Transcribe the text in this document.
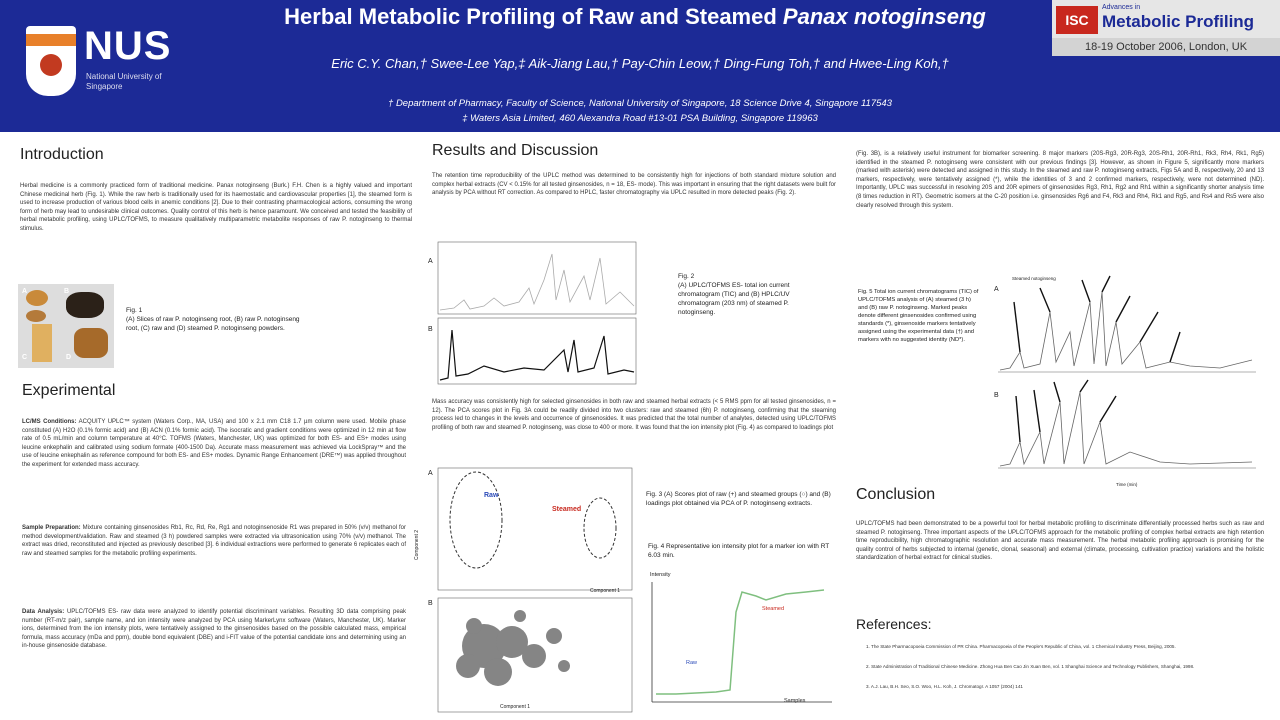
NUS
National University of Singapore
Herbal Metabolic Profiling of Raw and Steamed Panax notoginseng
Eric C.Y. Chan,† Swee-Lee Yap,‡ Aik-Jiang Lau,† Pay-Chin Leow,† Ding-Fung Toh,† and Hwee-Ling Koh,†
† Department of Pharmacy, Faculty of Science, National University of Singapore, 18 Science Drive 4, Singapore 117543
‡ Waters Asia Limited, 460 Alexandra Road #13-01 PSA Building, Singapore 119963
ISC
Advances in
Metabolic Profiling
18-19 October 2006, London, UK
Introduction
Herbal medicine is a commonly practiced form of traditional medicine. Panax notoginseng (Burk.) F.H. Chen is a highly valued and important Chinese medicinal herb (Fig. 1). While the raw herb is traditionally used for its haemostatic and cardiovascular properties [1], the steamed form is used to increase production of various blood cells in anemic conditions [2]. Due to their contrasting pharmacological actions, consuming the wrong form of herb may lead to undesirable clinical outcomes. Quality control of this herb is hence paramount. We conceived and tested the feasibility of herbal metabolic profiling, using UPLC/TOFMS, to measure qualitatively multiparametric metabolite responses of raw P. notoginseng to thermal stimulus.
A	B
C	D
Fig. 1
(A) Slices of raw P. notoginseng root, (B) raw P. notoginseng root, (C) raw and (D) steamed P. notoginseng powders.
Experimental
LC/MS Conditions: ACQUITY UPLC™ system (Waters Corp., MA, USA) and 100 x 2.1 mm C18 1.7 µm column were used. Mobile phase constituted (A) H2O (0.1% formic acid) and (B) ACN (0.1% formic acid). The isocratic and gradient conditions were optimized in 12 min at flow rate of 0.5 mL/min and column temperature at 40°C. TOFMS (Waters, Manchester, UK) was optimized for both ES- and ES+ modes using leucine enkephalin and calibrated using sodium formate (400-1500 Da). Accurate mass measurement was achieved via LockSpray™ and the use of leucine enkephalin as reference compound for both ES- and ES+ modes. Dynamic Range Enhancement (DRE™) was applied throughout the experiment for extended mass accuracy.
Sample Preparation: Mixture containing ginsenosides Rb1, Rc, Rd, Re, Rg1 and notoginsenoside R1 was prepared in 50% (v/v) methanol for method development/validation. Raw and steamed (3 h) powdered samples were extracted via ultrasonication using 70% (v/v) methanol. The extract was dried, reconstituted and injected as previously described [3]. 6 individual extractions were performed to generate 6 replicates each of raw and steamed samples for the metabolic profiling experiments.
Data Analysis: UPLC/TOFMS ES- raw data were analyzed to identify potential discriminant variables. Resulting 3D data comprising peak number (RT-m/z pair), sample name, and ion intensity were analyzed by PCA using MarkerLynx software (Waters, Manchester, UK). Marker ions, determined from the ion intensity plots, were tentatively assigned to the ginsenosides based on the possible calculated mass, empirical formula, mass accuracy (mDa and ppm), double bond equivalent (DBE) and i-FIT value of the potential candidate ions and determining using an in-house ginsenoside database.
Results and Discussion
The retention time reproducibility of the UPLC method was determined to be consistently high for injections of both standard mixture solution and complex herbal extracts (CV < 0.15% for all tested ginsenosides, n = 18, ES- mode). This was important in ensuring that the right datasets were built for analysis by PCA without RT correction. As compared to HPLC, faster chromatography via UPLC resulted in more detected peaks (Fig. 2).
A
B
Fig. 2
(A) UPLC/TOFMS ES- total ion current chromatogram (TIC) and (B) HPLC/UV chromatogram (203 nm) of steamed P. notoginseng.
Mass accuracy was consistently high for selected ginsenosides in both raw and steamed herbal extracts (< 5 RMS ppm for all tested ginsenosides, n = 12). The PCA scores plot in Fig. 3A could be readily divided into two clusters: raw and steamed (6h) P. notoginseng, confirming that the steaming process led to changes in the levels and occurrence of ginsenosides. It was predicted that the total number of analytes, detected using UPLC/TOFMS profiling of both raw and steamed P. notoginseng, was close to 400 or more. It was found that the ion intensity plot (Fig. 4) as compared to loadings plot
Raw
Steamed
A
B
Component 1
Component 1
Component 2
Fig. 3 (A) Scores plot of raw (+) and steamed groups (○) and (B) loadings plot obtained via PCA of P. notoginseng extracts.
Fig. 4 Representative ion intensity plot for a marker ion with RT 6.03 min.
Intensity
Samples
Raw
Steamed
(Fig. 3B), is a relatively useful instrument for biomarker screening. 8 major markers (20S-Rg3, 20R-Rg3, 20S-Rh1, 20R-Rh1, Rk3, Rh4, Rk1, Rg5) identified in the steamed P. notoginseng were consistent with our previous findings [3]. However, as shown in Figure 5, significantly more markers (marked with asterisk) were detected and assigned in this study. In the steamed and raw P. notoginseng extracts, Figs 5A and B, respectively, 20 and 13 markers, respectively, were tentatively assigned (*), while the identities of 3 and 2 confirmed markers, respectively, were not determined (ND). Importantly, UPLC was successful in resolving 20S and 20R epimers of ginsenosides Rg3, Rh1, Rg2 and Rh1 within a significantly shorter analysis time (8 times reduction in RT). Geometric isomers at the C-20 position i.e. ginsenosides Rg6 and F4, Rk3 and Rh4, Rk1 and Rg5, and Rs4 and Rs5 were also clearly resolved through this system.
Fig. 5 Total ion current chromatograms (TIC) of UPLC/TOFMS analysis of (A) steamed (3 h) and (B) raw P. notoginseng. Marked peaks denote different ginsenosides confirmed using standards (*), ginsenoside markers tentatively assigned using the experimental data (†) and markers with no suggested identity (ND*).
A
B
Steamed notoginseng
Time (min)
Conclusion
UPLC/TOFMS had been demonstrated to be a powerful tool for herbal metabolic profiling to discriminate differentially processed herbs such as raw and steamed P. notoginseng. Three important aspects of the UPLC/TOFMS approach for the metabolic profiling of complex herbal extracts are high retention time reproducibility, high chromatographic resolution and accurate mass measurement. The herbal metabolic profiling approach is promising for the quality control of herbs subjected to internal (genetic, clonal, seasonal) and external (climate, processing, cultivation practice) variations and the holistic standardization of herbal extract for clinical studies.
References:
1. The State Pharmacopoeia Commission of PR China. Pharmacopoeia of the People's Republic of China, vol. 1 Chemical Industry Press, Beijing, 2005.
2. State Administration of Traditional Chinese Medicine. Zhong Hua Ben Cao Jin Xuan Ben, vol. 1 Shanghai Science and Technology Publishers, Shanghai, 1998.
3. A.J. Lau, B.H. Seo, S.O. Woo, H.L. Koh, J. Chromatogr. A 1057 (2004) 141
